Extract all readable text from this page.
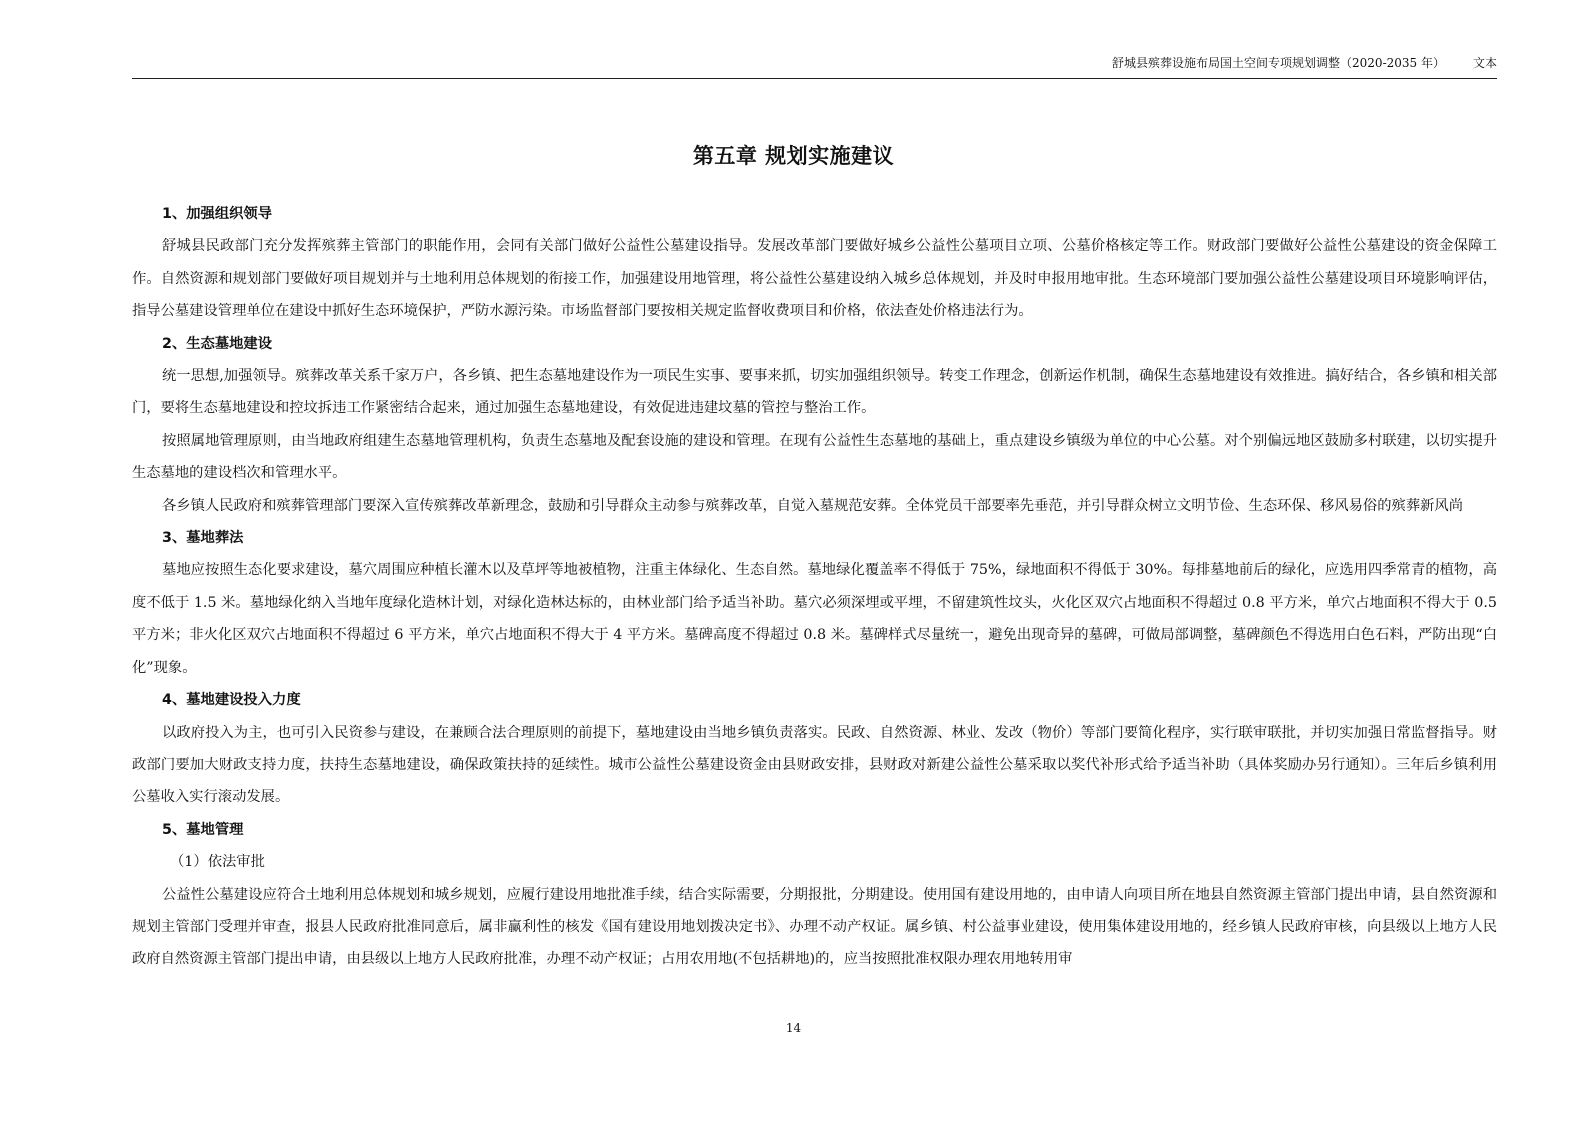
舒城县殡葬设施布局国土空间专项规划调整（2020-2035 年） 文本
第五章 规划实施建议

1、加强组织领导

舒城县民政部门充分发挥殡葬主管部门的职能作用，会同有关部门做好公益性公墓建设指导。发展改革部门要做好城乡公益性公墓项目立项、公墓价格核定等工作。财政部门要做好公益性公墓建设的资金保障工作。自然资源和规划部门要做好项目规划并与土地利用总体规划的衔接工作，加强建设用地管理，将公益性公墓建设纳入城乡总体规划，并及时申报用地审批。生态环境部门要加强公益性公墓建设项目环境影响评估，指导公墓建设管理单位在建设中抓好生态环境保护，严防水源污染。市场监督部门要按相关规定监督收费项目和价格，依法查处价格违法行为。

2、生态墓地建设

统一思想,加强领导。殡葬改革关系千家万户，各乡镇、把生态墓地建设作为一项民生实事、要事来抓，切实加强组织领导。转变工作理念，创新运作机制，确保生态墓地建设有效推进。搞好结合，各乡镇和相关部门，要将生态墓地建设和控坟拆违工作紧密结合起来，通过加强生态墓地建设，有效促进违建坟墓的管控与整治工作。

按照属地管理原则，由当地政府组建生态墓地管理机构，负责生态墓地及配套设施的建设和管理。在现有公益性生态墓地的基础上，重点建设乡镇级为单位的中心公墓。对个别偏远地区鼓励多村联建，以切实提升生态墓地的建设档次和管理水平。

各乡镇人民政府和殡葬管理部门要深入宣传殡葬改革新理念，鼓励和引导群众主动参与殡葬改革，自觉入墓规范安葬。全体党员干部要率先垂范，并引导群众树立文明节俭、生态环保、移风易俗的殡葬新风尚

3、墓地葬法

墓地应按照生态化要求建设，墓穴周围应种植长灌木以及草坪等地被植物，注重主体绿化、生态自然。墓地绿化覆盖率不得低于 75%，绿地面积不得低于 30%。每排墓地前后的绿化，应选用四季常青的植物，高度不低于 1.5 米。墓地绿化纳入当地年度绿化造林计划，对绿化造林达标的，由林业部门给予适当补助。墓穴必须深埋或平埋，不留建筑性坟头，火化区双穴占地面积不得超过 0.8 平方米，单穴占地面积不得大于 0.5 平方米；非火化区双穴占地面积不得超过 6 平方米，单穴占地面积不得大于 4 平方米。墓碑高度不得超过 0.8 米。墓碑样式尽量统一，避免出现奇异的墓碑，可做局部调整，墓碑颜色不得选用白色石料，严防出现“白化”现象。

4、墓地建设投入力度

以政府投入为主，也可引入民资参与建设，在兼顾合法合理原则的前提下，墓地建设由当地乡镇负责落实。民政、自然资源、林业、发改（物价）等部门要简化程序，实行联审联批，并切实加强日常监督指导。财政部门要加大财政支持力度，扶持生态墓地建设，确保政策扶持的延续性。城市公益性公墓建设资金由县财政安排，县财政对新建公益性公墓采取以奖代补形式给予适当补助（具体奖励办另行通知）。三年后乡镇利用公墓收入实行滚动发展。

5、墓地管理

（1）依法审批

公益性公墓建设应符合土地利用总体规划和城乡规划，应履行建设用地批准手续，结合实际需要，分期报批，分期建设。使用国有建设用地的，由申请人向项目所在地县自然资源主管部门提出申请，县自然资源和规划主管部门受理并审查，报县人民政府批准同意后，属非赢利性的核发《国有建设用地划拨决定书》、办理不动产权证。属乡镇、村公益事业建设，使用集体建设用地的，经乡镇人民政府审核，向县级以上地方人民政府自然资源主管部门提出申请，由县级以上地方人民政府批准，办理不动产权证；占用农用地(不包括耕地)的，应当按照批准权限办理农用地转用审

14
